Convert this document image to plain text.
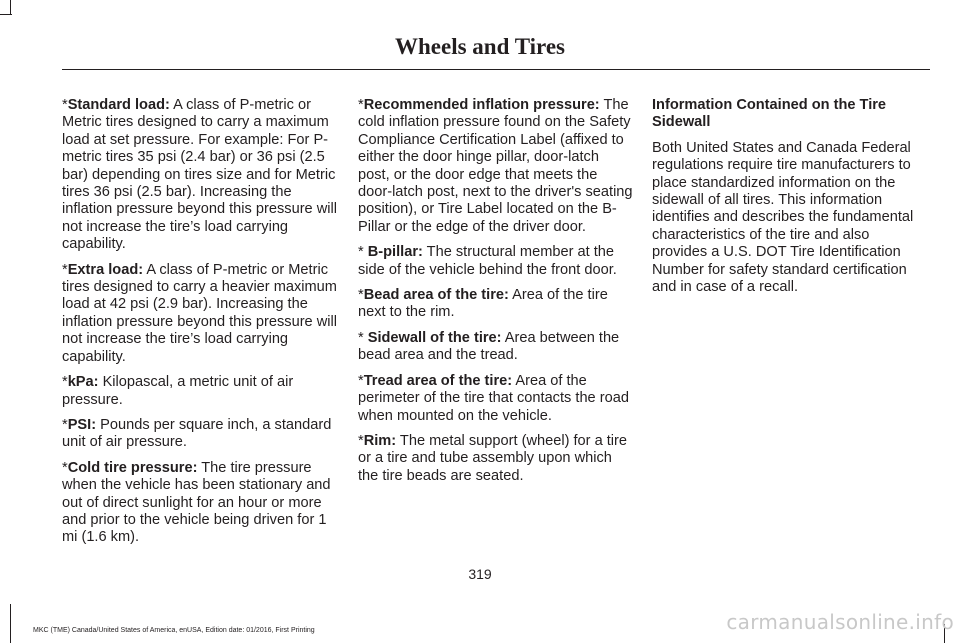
Wheels and Tires

*Standard load: A class of P-metric or Metric tires designed to carry a maximum load at set pressure. For example: For P-metric tires 35 psi (2.4 bar) or 36 psi (2.5 bar) depending on tires size and for Metric tires 36 psi (2.5 bar). Increasing the inflation pressure beyond this pressure will not increase the tire’s load carrying capability.

*Extra load: A class of P-metric or Metric tires designed to carry a heavier maximum load at 42 psi (2.9 bar). Increasing the inflation pressure beyond this pressure will not increase the tire’s load carrying capability.

*kPa: Kilopascal, a metric unit of air pressure.

*PSI: Pounds per square inch, a standard unit of air pressure.

*Cold tire pressure: The tire pressure when the vehicle has been stationary and out of direct sunlight for an hour or more and prior to the vehicle being driven for 1 mi (1.6 km).

*Recommended inflation pressure: The cold inflation pressure found on the Safety Compliance Certification Label (affixed to either the door hinge pillar, door-latch post, or the door edge that meets the door-latch post, next to the driver's seating position), or Tire Label located on the B-Pillar or the edge of the driver door.

* B-pillar: The structural member at the side of the vehicle behind the front door.

*Bead area of the tire: Area of the tire next to the rim.

* Sidewall of the tire: Area between the bead area and the tread.

*Tread area of the tire: Area of the perimeter of the tire that contacts the road when mounted on the vehicle.

*Rim: The metal support (wheel) for a tire or a tire and tube assembly upon which the tire beads are seated.

Information Contained on the Tire Sidewall

Both United States and Canada Federal regulations require tire manufacturers to place standardized information on the sidewall of all tires. This information identifies and describes the fundamental characteristics of the tire and also provides a U.S. DOT Tire Identification Number for safety standard certification and in case of a recall.

319
MKC (TME) Canada/United States of America, enUSA, Edition date: 01/2016, First Printing	carmanualsonline.info
